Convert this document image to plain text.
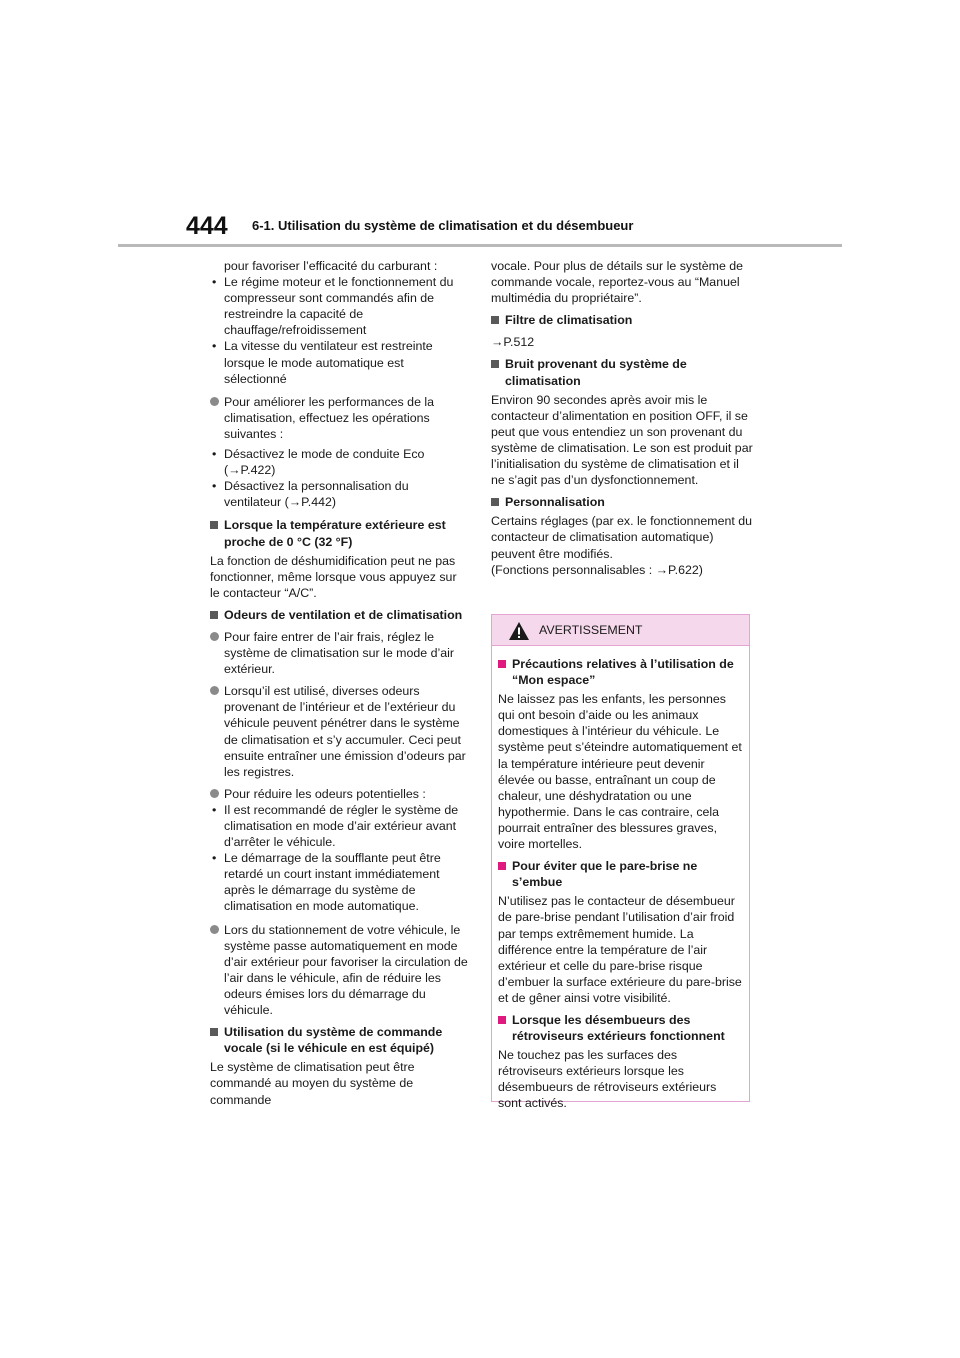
444 6-1. Utilisation du système de climatisation et du désembueur

pour favoriser l’efficacité du carburant :

• Le régime moteur et le fonctionnement du compresseur sont commandés afin de restreindre la capacité de chauffage/refroidissement
• La vitesse du ventilateur est restreinte lorsque le mode automatique est sélectionné
Pour améliorer les performances de la climatisation, effectuez les opérations suivantes :
• Désactivez le mode de conduite Eco (→P.422)
• Désactivez la personnalisation du ventilateur (→P.442)
Lorsque la température extérieure est proche de 0 °C (32 °F)

La fonction de déshumidification peut ne pas fonctionner, même lorsque vous appuyez sur le contacteur “A/C”.

Odeurs de ventilation et de climatisation
Pour faire entrer de l’air frais, réglez le système de climatisation sur le mode d’air extérieur.
Lorsqu’il est utilisé, diverses odeurs provenant de l’intérieur et de l’extérieur du véhicule peuvent pénétrer dans le système de climatisation et s’y accumuler. Ceci peut ensuite entraîner une émission d’odeurs par les registres.
Pour réduire les odeurs potentielles :
• Il est recommandé de régler le système de climatisation en mode d’air extérieur avant d’arrêter le véhicule.
• Le démarrage de la soufflante peut être retardé un court instant immédiatement après le démarrage du système de climatisation en mode automatique.
Lors du stationnement de votre véhicule, le système passe automatiquement en mode d’air extérieur pour favoriser la circulation de l’air dans le véhicule, afin de réduire les odeurs émises lors du démarrage du véhicule.
Utilisation du système de commande vocale (si le véhicule en est équipé)

Le système de climatisation peut être commandé au moyen du système de commande

vocale. Pour plus de détails sur le système de commande vocale, reportez-vous au “Manuel multimédia du propriétaire”.

Filtre de climatisation

→P.512

Bruit provenant du système de climatisation

Environ 90 secondes après avoir mis le contacteur d’alimentation en position OFF, il se peut que vous entendiez un son provenant du système de climatisation. Le son est produit par l’initialisation du système de climatisation et il ne s’agit pas d’un dysfonctionnement.

Personnalisation

Certains réglages (par ex. le fonctionnement du contacteur de climatisation automatique) peuvent être modifiés.

(Fonctions personnalisables : →P.622)

AVERTISSEMENT
Précautions relatives à l’utilisation de “Mon espace”

Ne laissez pas les enfants, les personnes qui ont besoin d’aide ou les animaux domestiques à l’intérieur du véhicule. Le système peut s’éteindre automatiquement et la température intérieure peut devenir élevée ou basse, entraînant un coup de chaleur, une déshydratation ou une hypothermie. Dans le cas contraire, cela pourrait entraîner des blessures graves, voire mortelles.

Pour éviter que le pare-brise ne s’embue

N’utilisez pas le contacteur de désembueur de pare-brise pendant l’utilisation d’air froid par temps extrêmement humide. La différence entre la température de l’air extérieur et celle du pare-brise risque d’embuer la surface extérieure du pare-brise et de gêner ainsi votre visibilité.

Lorsque les désembueurs des rétroviseurs extérieurs fonctionnent

Ne touchez pas les surfaces des rétroviseurs extérieurs lorsque les désembueurs de rétroviseurs extérieurs sont activés.
